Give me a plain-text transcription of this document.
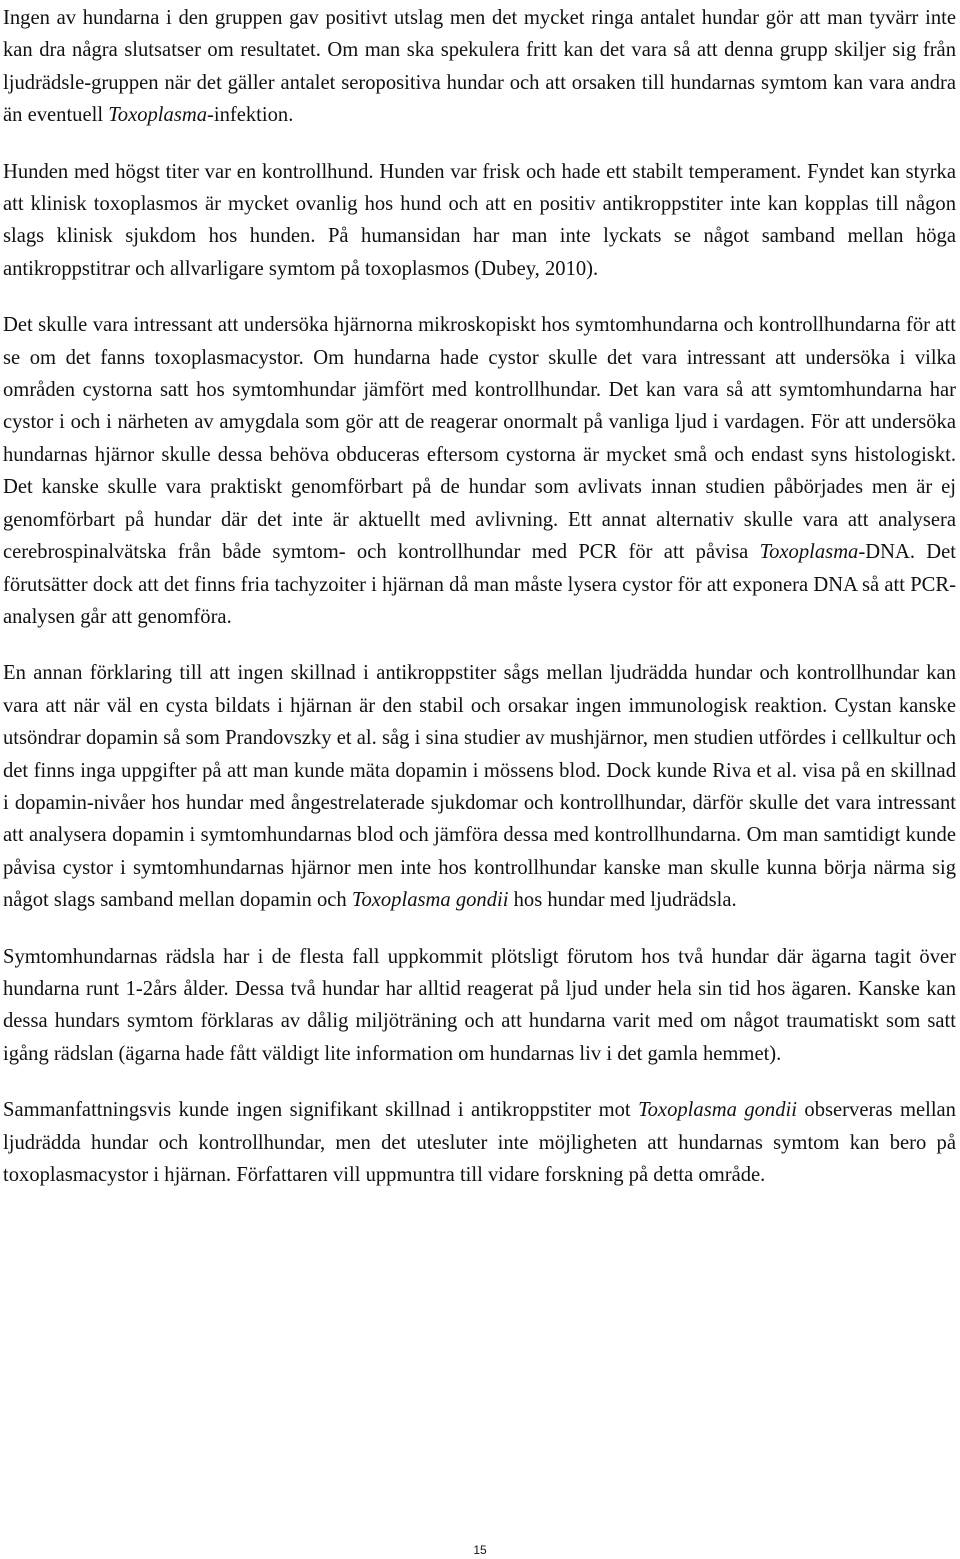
Ingen av hundarna i den gruppen gav positivt utslag men det mycket ringa antalet hundar gör att man tyvärr inte kan dra några slutsatser om resultatet. Om man ska spekulera fritt kan det vara så att denna grupp skiljer sig från ljudrädsle-gruppen när det gäller antalet seropositiva hundar och att orsaken till hundarnas symtom kan vara andra än eventuell Toxoplasma-infektion.

Hunden med högst titer var en kontrollhund. Hunden var frisk och hade ett stabilt temperament. Fyndet kan styrka att klinisk toxoplasmos är mycket ovanlig hos hund och att en positiv antikroppstiter inte kan kopplas till någon slags klinisk sjukdom hos hunden. På humansidan har man inte lyckats se något samband mellan höga antikroppstitrar och allvarligare symtom på toxoplasmos (Dubey, 2010).

Det skulle vara intressant att undersöka hjärnorna mikroskopiskt hos symtomhundarna och kontrollhundarna för att se om det fanns toxoplasmacystor. Om hundarna hade cystor skulle det vara intressant att undersöka i vilka områden cystorna satt hos symtomhundar jämfört med kontrollhundar. Det kan vara så att symtomhundarna har cystor i och i närheten av amygdala som gör att de reagerar onormalt på vanliga ljud i vardagen. För att undersöka hundarnas hjärnor skulle dessa behöva obduceras eftersom cystorna är mycket små och endast syns histologiskt. Det kanske skulle vara praktiskt genomförbart på de hundar som avlivats innan studien påbörjades men är ej genomförbart på hundar där det inte är aktuellt med avlivning. Ett annat alternativ skulle vara att analysera cerebrospinalvätska från både symtom- och kontrollhundar med PCR för att påvisa Toxoplasma-DNA. Det förutsätter dock att det finns fria tachyzoiter i hjärnan då man måste lysera cystor för att exponera DNA så att PCR-analysen går att genomföra.

En annan förklaring till att ingen skillnad i antikroppstiter sågs mellan ljudrädda hundar och kontrollhundar kan vara att när väl en cysta bildats i hjärnan är den stabil och orsakar ingen immunologisk reaktion. Cystan kanske utsöndrar dopamin så som Prandovszky et al. såg i sina studier av mushjärnor, men studien utfördes i cellkultur och det finns inga uppgifter på att man kunde mäta dopamin i mössens blod. Dock kunde Riva et al. visa på en skillnad i dopamin-nivåer hos hundar med ångestrelaterade sjukdomar och kontrollhundar, därför skulle det vara intressant att analysera dopamin i symtomhundarnas blod och jämföra dessa med kontrollhundarna. Om man samtidigt kunde påvisa cystor i symtomhundarnas hjärnor men inte hos kontrollhundar kanske man skulle kunna börja närma sig något slags samband mellan dopamin och Toxoplasma gondii hos hundar med ljudrädsla.

Symtomhundarnas rädsla har i de flesta fall uppkommit plötsligt förutom hos två hundar där ägarna tagit över hundarna runt 1-2års ålder. Dessa två hundar har alltid reagerat på ljud under hela sin tid hos ägaren. Kanske kan dessa hundars symtom förklaras av dålig miljöträning och att hundarna varit med om något traumatiskt som satt igång rädslan (ägarna hade fått väldigt lite information om hundarnas liv i det gamla hemmet).

Sammanfattningsvis kunde ingen signifikant skillnad i antikroppstiter mot Toxoplasma gondii observeras mellan ljudrädda hundar och kontrollhundar, men det utesluter inte möjligheten att hundarnas symtom kan bero på toxoplasmacystor i hjärnan. Författaren vill uppmuntra till vidare forskning på detta område.

15
